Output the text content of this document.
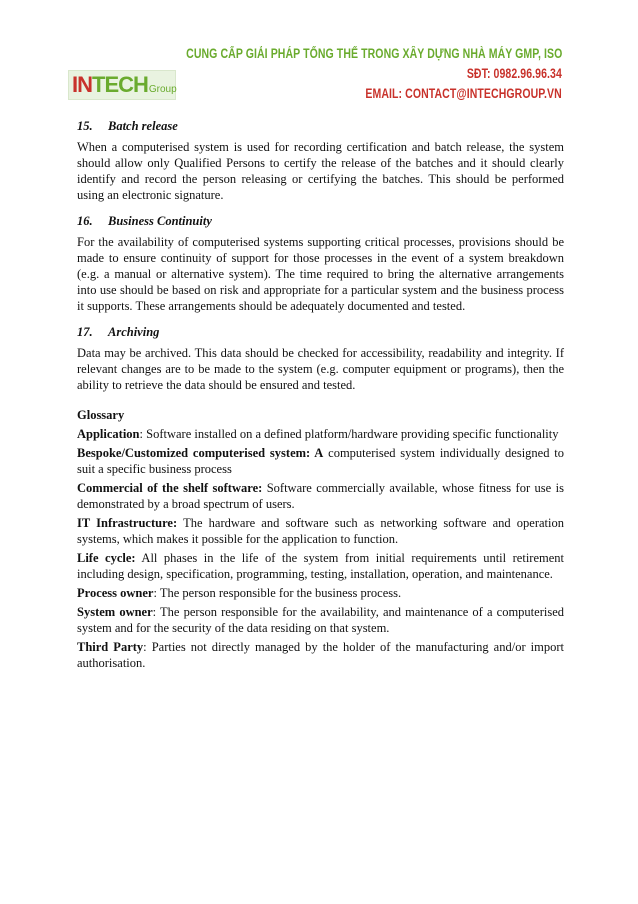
CUNG CẤP GIẢI PHÁP TỔNG THỂ TRONG XÂY DỰNG NHÀ MÁY GMP, ISO
SĐT: 0982.96.96.34
EMAIL: CONTACT@INTECHGROUP.VN
IN TECH Group
15. Batch release

When a computerised system is used for recording certification and batch release, the system should allow only Qualified Persons to certify the release of the batches and it should clearly identify and record the person releasing or certifying the batches. This should be performed using an electronic signature.

16. Business Continuity

For the availability of computerised systems supporting critical processes, provisions should be made to ensure continuity of support for those processes in the event of a system breakdown (e.g. a manual or alternative system). The time required to bring the alternative arrangements into use should be based on risk and appropriate for a particular system and the business process it supports. These arrangements should be adequately documented and tested.

17. Archiving

Data may be archived. This data should be checked for accessibility, readability and integrity. If relevant changes are to be made to the system (e.g. computer equipment or programs), then the ability to retrieve the data should be ensured and tested.

Glossary

Application: Software installed on a defined platform/hardware providing specific functionality

Bespoke/Customized computerised system: A computerised system individually designed to suit a specific business process

Commercial of the shelf software: Software commercially available, whose fitness for use is demonstrated by a broad spectrum of users.

IT Infrastructure: The hardware and software such as networking software and operation systems, which makes it possible for the application to function.

Life cycle: All phases in the life of the system from initial requirements until retirement including design, specification, programming, testing, installation, operation, and maintenance.

Process owner: The person responsible for the business process.

System owner: The person responsible for the availability, and maintenance of a computerised system and for the security of the data residing on that system.

Third Party: Parties not directly managed by the holder of the manufacturing and/or import authorisation.
